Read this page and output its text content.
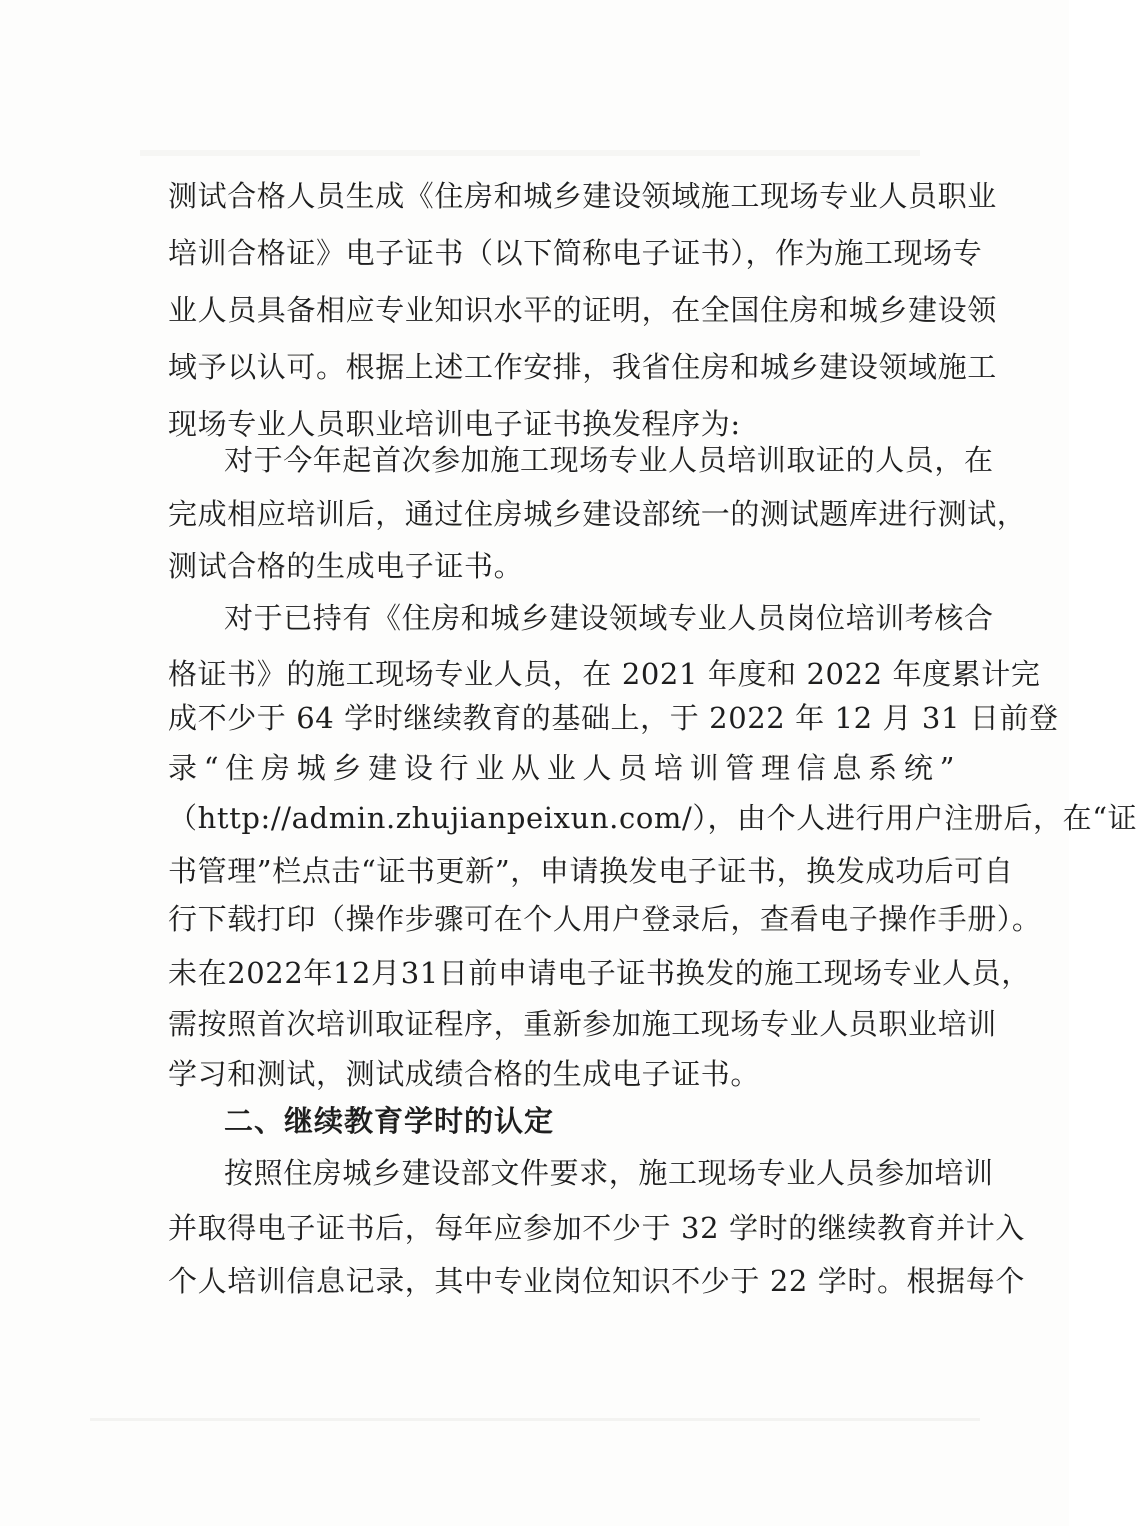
测试合格人员生成《住房和城乡建设领域施工现场专业人员职业
培训合格证》电子证书（以下简称电子证书），作为施工现场专
业人员具备相应专业知识水平的证明，在全国住房和城乡建设领
域予以认可。根据上述工作安排，我省住房和城乡建设领域施工
现场专业人员职业培训电子证书换发程序为:
对于今年起首次参加施工现场专业人员培训取证的人员，在
完成相应培训后，通过住房城乡建设部统一的测试题库进行测试，
测试合格的生成电子证书。
对于已持有《住房和城乡建设领域专业人员岗位培训考核合
格证书》的施工现场专业人员，在 2021 年度和 2022 年度累计完
成不少于 64 学时继续教育的基础上，于 2022 年 12 月 31 日前登
录“住房城乡建设行业从业人员培训管理信息系统”
（http://admin.zhujianpeixun.com/），由个人进行用户注册后，在“证
书管理”栏点击“证书更新”，申请换发电子证书，换发成功后可自
行下载打印（操作步骤可在个人用户登录后，查看电子操作手册）。
未在2022年12月31日前申请电子证书换发的施工现场专业人员，
需按照首次培训取证程序，重新参加施工现场专业人员职业培训
学习和测试，测试成绩合格的生成电子证书。
二、继续教育学时的认定
按照住房城乡建设部文件要求，施工现场专业人员参加培训
并取得电子证书后，每年应参加不少于 32 学时的继续教育并计入
个人培训信息记录，其中专业岗位知识不少于 22 学时。根据每个
